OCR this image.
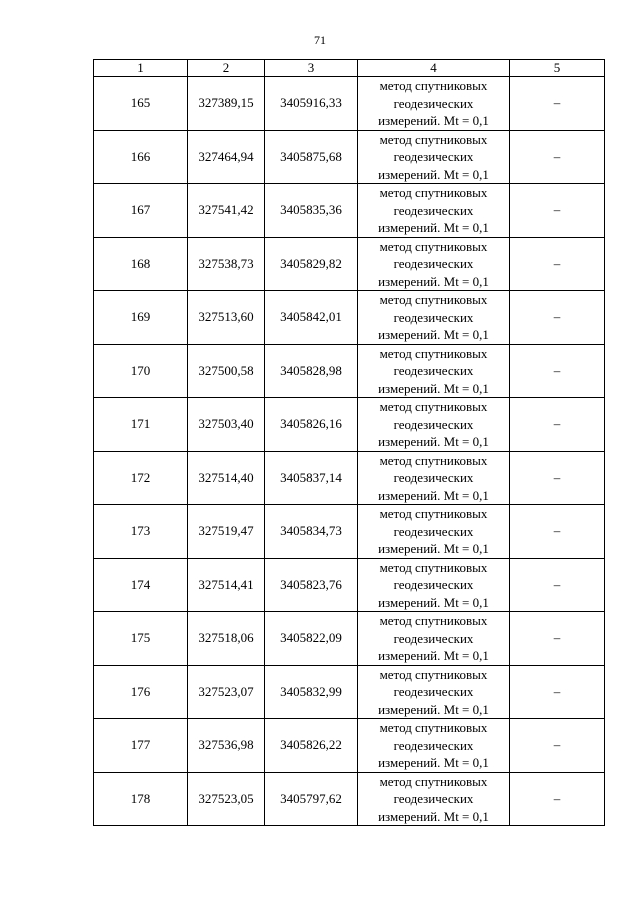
71
1	2	3	4	5
165	327389,15	3405916,33	метод спутниковых
геодезических
измерений. Mt = 0,1	–
166	327464,94	3405875,68	метод спутниковых
геодезических
измерений. Mt = 0,1	–
167	327541,42	3405835,36	метод спутниковых
геодезических
измерений. Mt = 0,1	–
168	327538,73	3405829,82	метод спутниковых
геодезических
измерений. Mt = 0,1	–
169	327513,60	3405842,01	метод спутниковых
геодезических
измерений. Mt = 0,1	–
170	327500,58	3405828,98	метод спутниковых
геодезических
измерений. Mt = 0,1	–
171	327503,40	3405826,16	метод спутниковых
геодезических
измерений. Mt = 0,1	–
172	327514,40	3405837,14	метод спутниковых
геодезических
измерений. Mt = 0,1	–
173	327519,47	3405834,73	метод спутниковых
геодезических
измерений. Mt = 0,1	–
174	327514,41	3405823,76	метод спутниковых
геодезических
измерений. Mt = 0,1	–
175	327518,06	3405822,09	метод спутниковых
геодезических
измерений. Mt = 0,1	–
176	327523,07	3405832,99	метод спутниковых
геодезических
измерений. Mt = 0,1	–
177	327536,98	3405826,22	метод спутниковых
геодезических
измерений. Mt = 0,1	–
178	327523,05	3405797,62	метод спутниковых
геодезических
измерений. Mt = 0,1	–
